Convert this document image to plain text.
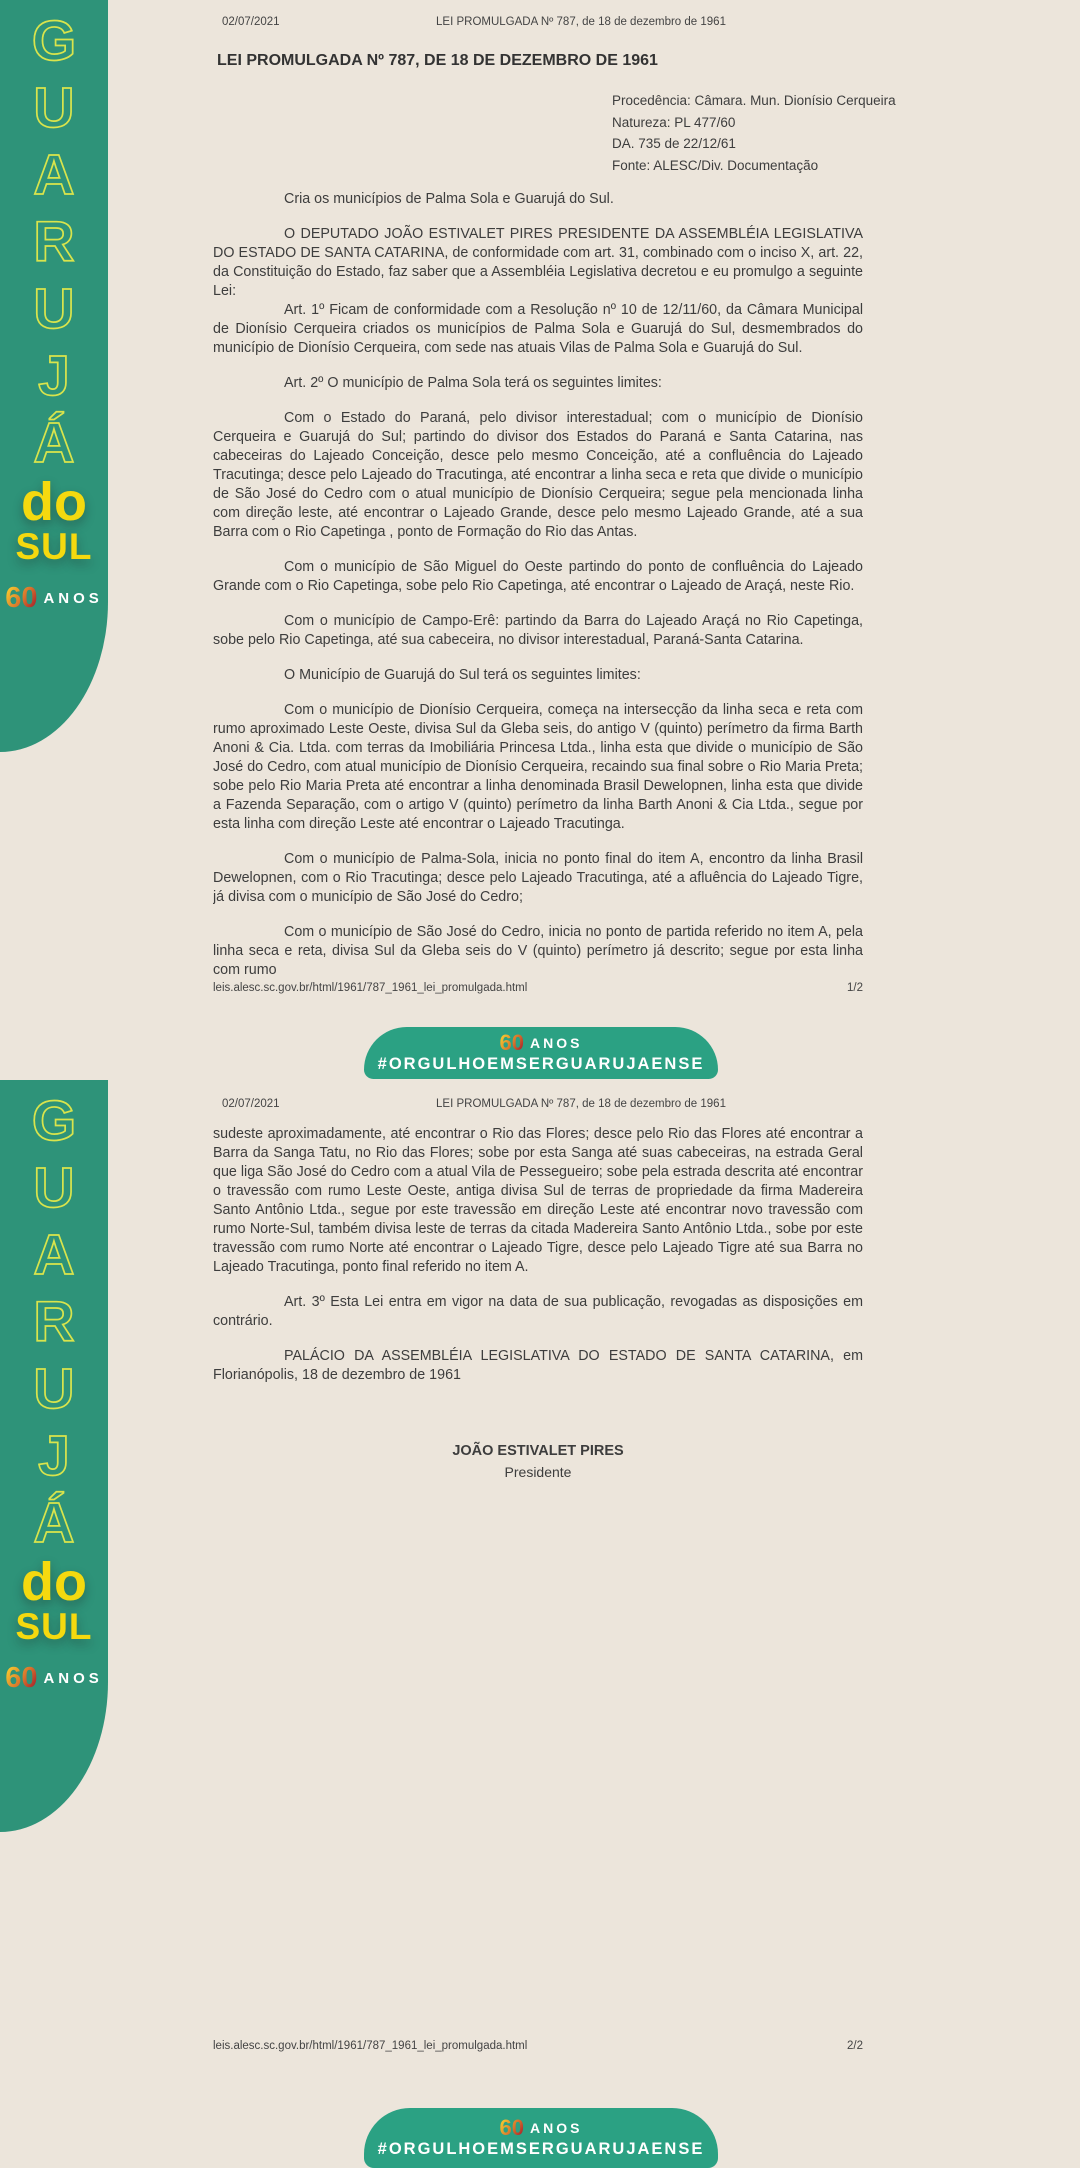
02/07/2021	LEI PROMULGADA Nº 787, de 18 de dezembro de 1961
LEI PROMULGADA Nº 787, DE 18 DE DEZEMBRO DE 1961
Procedência: Câmara. Mun. Dionísio Cerqueira
Natureza: PL 477/60
DA. 735 de 22/12/61
Fonte: ALESC/Div. Documentação

Cria os municípios de Palma Sola e Guarujá do Sul.

O DEPUTADO JOÃO ESTIVALET PIRES PRESIDENTE DA ASSEMBLÉIA LEGISLATIVA DO ESTADO DE SANTA CATARINA, de conformidade com art. 31, combinado com o inciso X, art. 22, da Constituição do Estado, faz saber que a Assembléia Legislativa decretou e eu promulgo a seguinte Lei:

Art. 1º Ficam de conformidade com a Resolução nº 10 de 12/11/60, da Câmara Municipal de Dionísio Cerqueira criados os municípios de Palma Sola e Guarujá do Sul, desmembrados do município de Dionísio Cerqueira, com sede nas atuais Vilas de Palma Sola e Guarujá do Sul.

Art. 2º O município de Palma Sola terá os seguintes limites:

Com o Estado do Paraná, pelo divisor interestadual; com o município de Dionísio Cerqueira e Guarujá do Sul; partindo do divisor dos Estados do Paraná e Santa Catarina, nas cabeceiras do Lajeado Conceição, desce pelo mesmo Conceição, até a confluência do Lajeado Tracutinga; desce pelo Lajeado do Tracutinga, até encontrar a linha seca e reta que divide o município de São José do Cedro com o atual município de Dionísio Cerqueira; segue pela mencionada linha com direção leste, até encontrar o Lajeado Grande, desce pelo mesmo Lajeado Grande, até a sua Barra com o Rio Capetinga , ponto de Formação do Rio das Antas.

Com o município de São Miguel do Oeste partindo do ponto de confluência do Lajeado Grande com o Rio Capetinga, sobe pelo Rio Capetinga, até encontrar o Lajeado de Araçá, neste Rio.

Com o município de Campo-Erê: partindo da Barra do Lajeado Araçá no Rio Capetinga, sobe pelo Rio Capetinga, até sua cabeceira, no divisor interestadual, Paraná-Santa Catarina.

O Município de Guarujá do Sul terá os seguintes limites:

Com o município de Dionísio Cerqueira, começa na intersecção da linha seca e reta com rumo aproximado Leste Oeste, divisa Sul da Gleba seis, do antigo V (quinto) perímetro da firma Barth Anoni & Cia. Ltda. com terras da Imobiliária Princesa Ltda., linha esta que divide o município de São José do Cedro, com atual município de Dionísio Cerqueira, recaindo sua final sobre o Rio Maria Preta; sobe pelo Rio Maria Preta até encontrar a linha denominada Brasil Dewelopnen, linha esta que divide a Fazenda Separação, com o artigo V (quinto) perímetro da linha Barth Anoni & Cia Ltda., segue por esta linha com direção Leste até encontrar o Lajeado Tracutinga.

Com o município de Palma-Sola, inicia no ponto final do item A, encontro da linha Brasil Dewelopnen, com o Rio Tracutinga; desce pelo Lajeado Tracutinga, até a afluência do Lajeado Tigre, já divisa com o município de São José do Cedro;

Com o município de São José do Cedro, inicia no ponto de partida referido no item A, pela linha seca e reta, divisa Sul da Gleba seis do V (quinto) perímetro já descrito; segue por esta linha com rumo

leis.alesc.sc.gov.br/html/1961/787_1961_lei_promulgada.html	1/2
G
U
A
R
U
J
Á
do
SUL
60 ANOS
60 ANOS
#ORGULHOEMSERGUARUJAENSE
02/07/2021	LEI PROMULGADA Nº 787, de 18 de dezembro de 1961

sudeste aproximadamente, até encontrar o Rio das Flores; desce pelo Rio das Flores até encontrar a Barra da Sanga Tatu, no Rio das Flores; sobe por esta Sanga até suas cabeceiras, na estrada Geral que liga São José do Cedro com a atual Vila de Pessegueiro; sobe pela estrada descrita até encontrar o travessão com rumo Leste Oeste, antiga divisa Sul de terras de propriedade da firma Madereira Santo Antônio Ltda., segue por este travessão em direção Leste até encontrar novo travessão com rumo Norte-Sul, também divisa leste de terras da citada Madereira Santo Antônio Ltda., sobe por este travessão com rumo Norte até encontrar o Lajeado Tigre, desce pelo Lajeado Tigre até sua Barra no Lajeado Tracutinga, ponto final referido no item A.

Art. 3º Esta Lei entra em vigor na data de sua publicação, revogadas as disposições em contrário.

PALÁCIO DA ASSEMBLÉIA LEGISLATIVA DO ESTADO DE SANTA CATARINA, em Florianópolis, 18 de dezembro de 1961

JOÃO ESTIVALET PIRES
Presidente
leis.alesc.sc.gov.br/html/1961/787_1961_lei_promulgada.html	2/2
G
U
A
R
U
J
Á
do
SUL
60 ANOS
60 ANOS
#ORGULHOEMSERGUARUJAENSE
